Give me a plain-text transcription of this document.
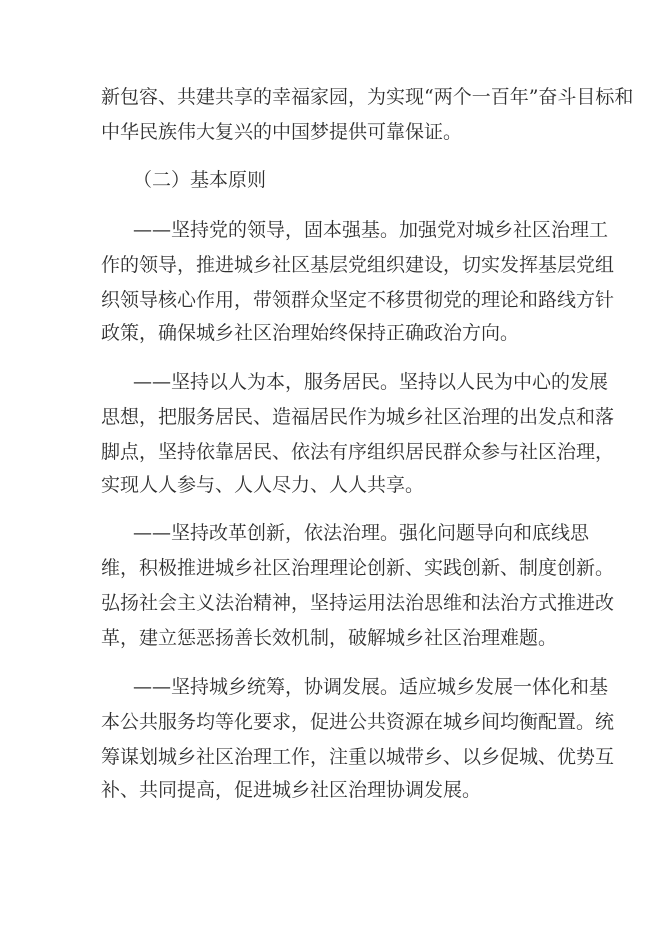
新包容、共建共享的幸福家园，为实现“两个一百年”奋斗目标和
中华民族伟大复兴的中国梦提供可靠保证。
（二）基本原则
——坚持党的领导，固本强基。加强党对城乡社区治理工
作的领导，推进城乡社区基层党组织建设，切实发挥基层党组
织领导核心作用，带领群众坚定不移贯彻党的理论和路线方针
政策，确保城乡社区治理始终保持正确政治方向。
——坚持以人为本，服务居民。坚持以人民为中心的发展
思想，把服务居民、造福居民作为城乡社区治理的出发点和落
脚点，坚持依靠居民、依法有序组织居民群众参与社区治理，
实现人人参与、人人尽力、人人共享。
——坚持改革创新，依法治理。强化问题导向和底线思
维，积极推进城乡社区治理理论创新、实践创新、制度创新。
弘扬社会主义法治精神，坚持运用法治思维和法治方式推进改
革，建立惩恶扬善长效机制，破解城乡社区治理难题。
——坚持城乡统筹，协调发展。适应城乡发展一体化和基
本公共服务均等化要求，促进公共资源在城乡间均衡配置。统
筹谋划城乡社区治理工作，注重以城带乡、以乡促城、优势互
补、共同提高，促进城乡社区治理协调发展。
